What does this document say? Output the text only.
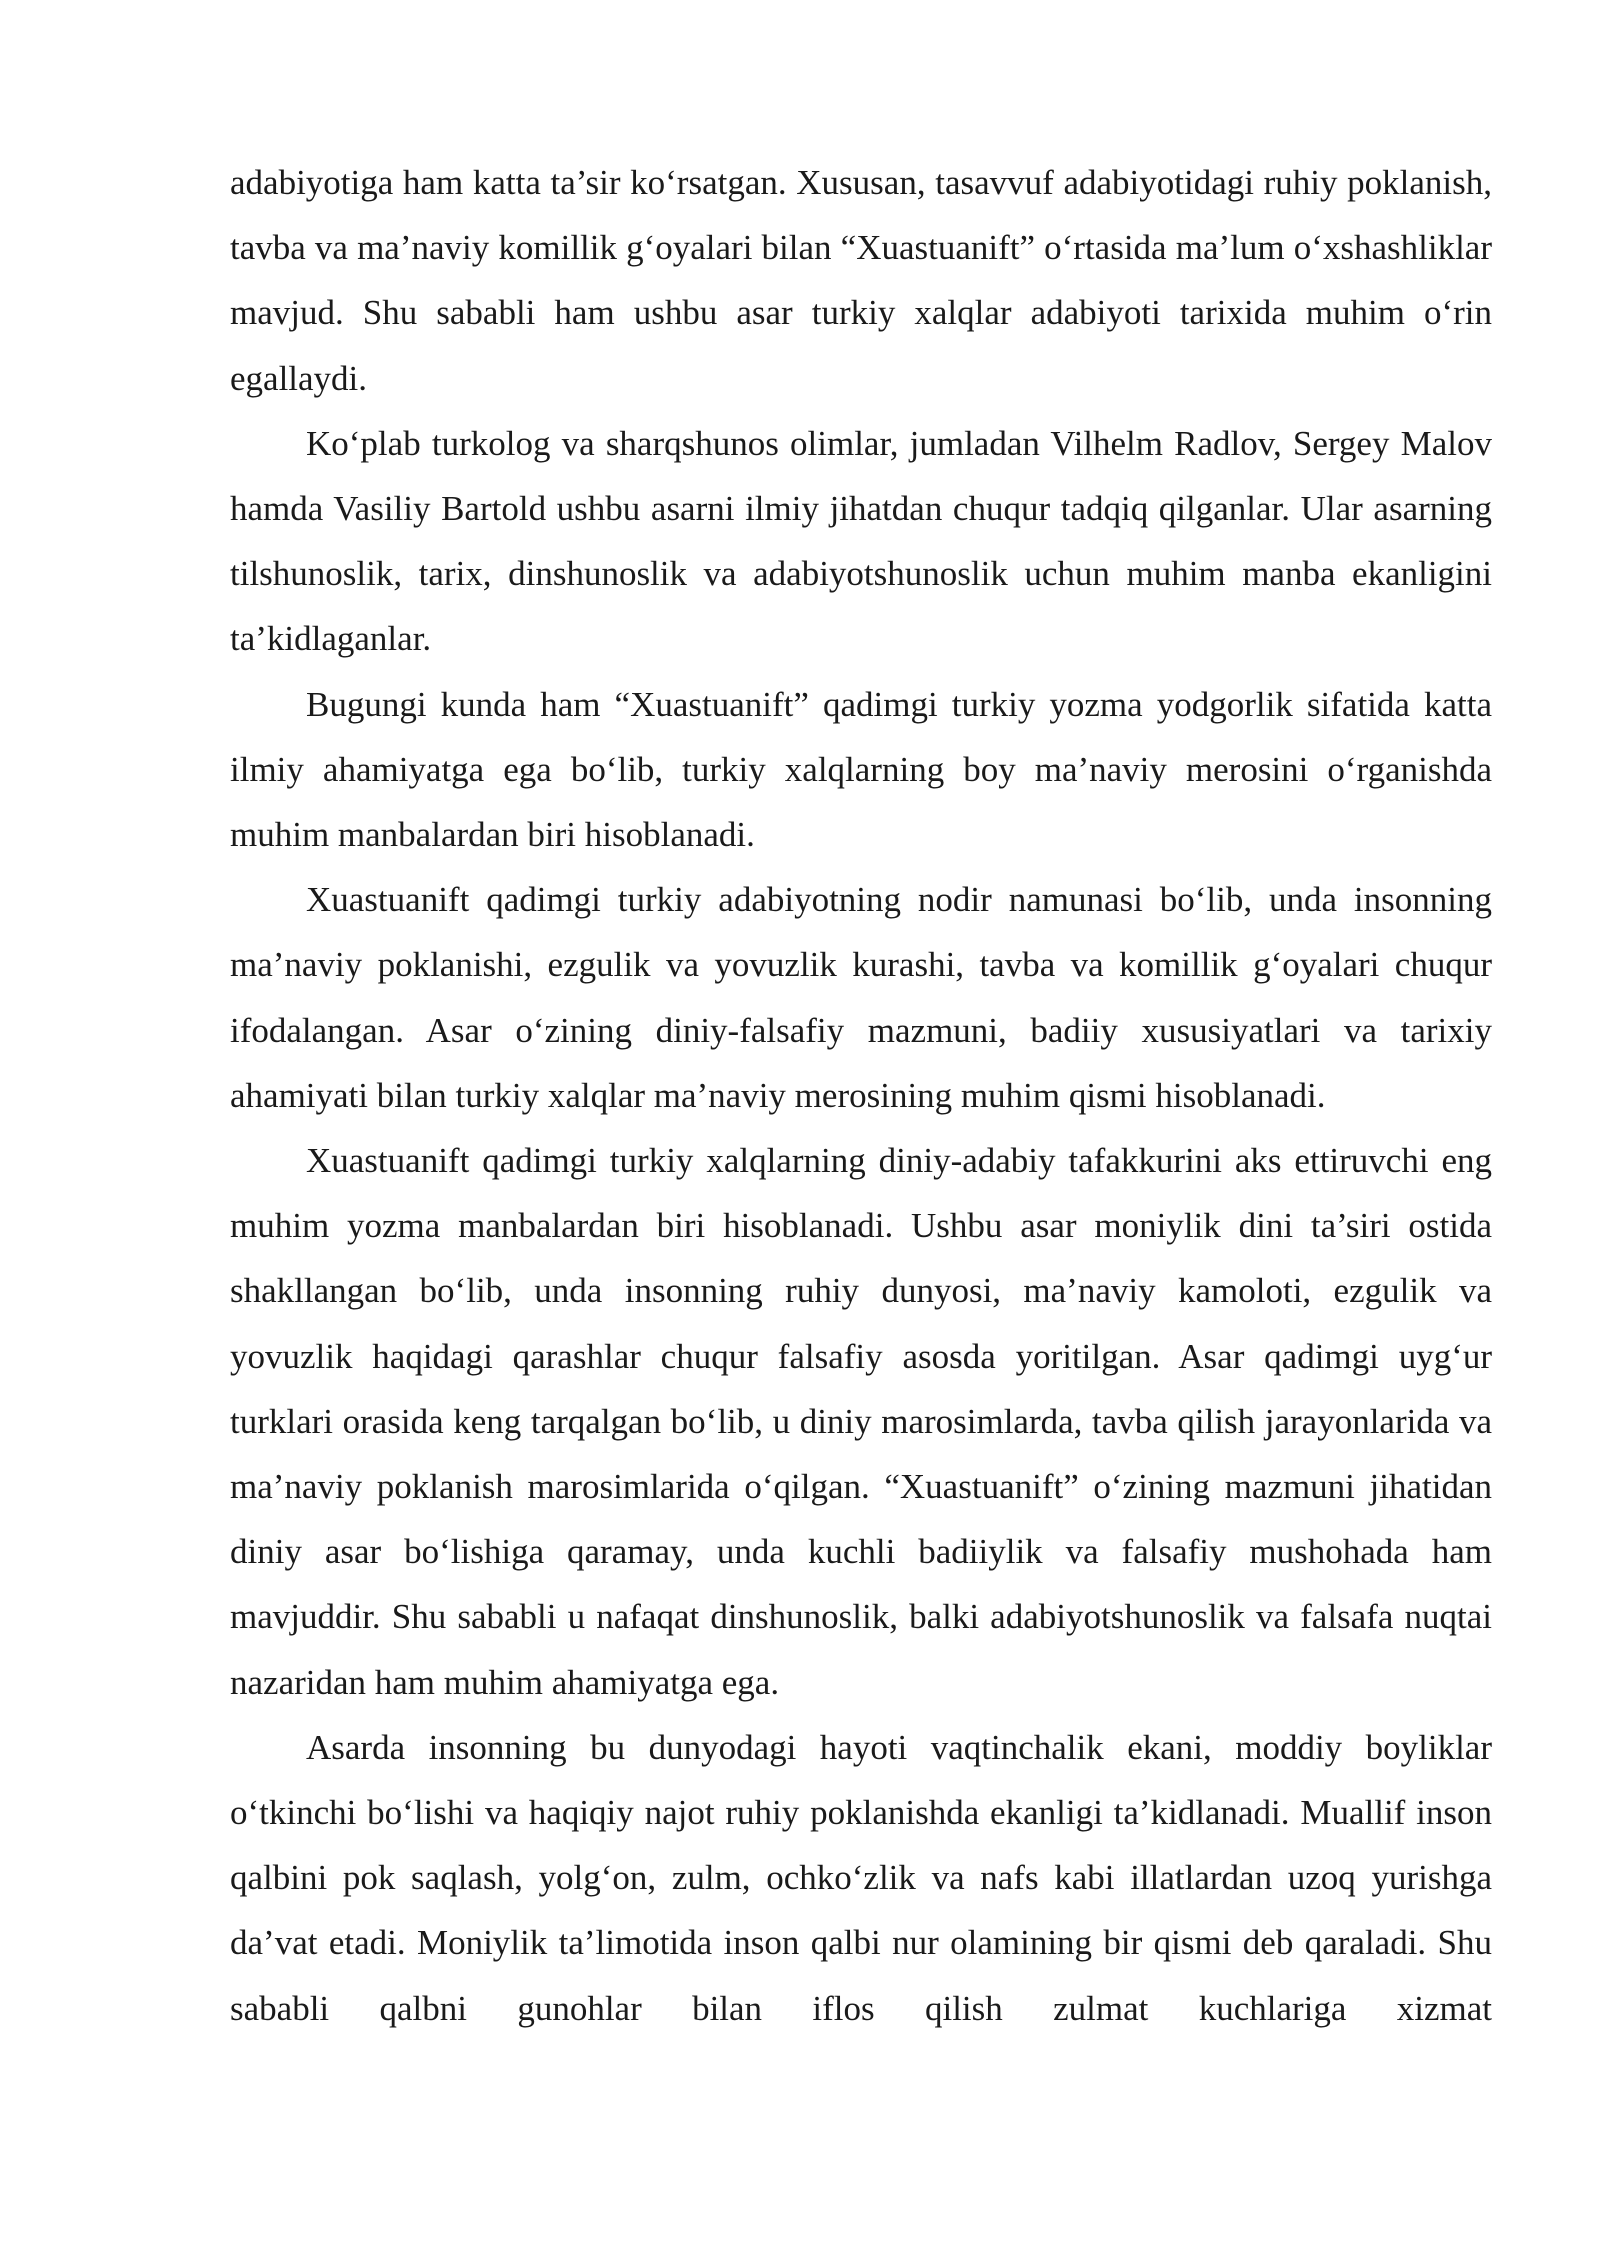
adabiyotiga ham katta ta’sir ko‘rsatgan. Xususan, tasavvuf adabiyotidagi ruhiy poklanish, tavba va ma’naviy komillik g‘oyalari bilan “Xuastuanift” o‘rtasida ma’lum o‘xshashliklar mavjud. Shu sababli ham ushbu asar turkiy xalqlar adabiyoti tarixida muhim o‘rin egallaydi.

Ko‘plab turkolog va sharqshunos olimlar, jumladan Vilhelm Radlov, Sergey Malov hamda Vasiliy Bartold ushbu asarni ilmiy jihatdan chuqur tadqiq qilganlar. Ular asarning tilshunoslik, tarix, dinshunoslik va adabiyotshunoslik uchun muhim manba ekanligini ta’kidlaganlar.

Bugungi kunda ham “Xuastuanift” qadimgi turkiy yozma yodgorlik sifatida katta ilmiy ahamiyatga ega bo‘lib, turkiy xalqlarning boy ma’naviy merosini o‘rganishda muhim manbalardan biri hisoblanadi.

Xuastuanift qadimgi turkiy adabiyotning nodir namunasi bo‘lib, unda insonning ma’naviy poklanishi, ezgulik va yovuzlik kurashi, tavba va komillik g‘oyalari chuqur ifodalangan. Asar o‘zining diniy-falsafiy mazmuni, badiiy xususiyatlari va tarixiy ahamiyati bilan turkiy xalqlar ma’naviy merosining muhim qismi hisoblanadi.

Xuastuanift qadimgi turkiy xalqlarning diniy-adabiy tafakkurini aks ettiruvchi eng muhim yozma manbalardan biri hisoblanadi. Ushbu asar moniylik dini ta’siri ostida shakllangan bo‘lib, unda insonning ruhiy dunyosi, ma’naviy kamoloti, ezgulik va yovuzlik haqidagi qarashlar chuqur falsafiy asosda yoritilgan. Asar qadimgi uyg‘ur turklari orasida keng tarqalgan bo‘lib, u diniy marosimlarda, tavba qilish jarayonlarida va ma’naviy poklanish marosimlarida o‘qilgan. “Xuastuanift” o‘zining mazmuni jihatidan diniy asar bo‘lishiga qaramay, unda kuchli badiiylik va falsafiy mushohada ham mavjuddir. Shu sababli u nafaqat dinshunoslik, balki adabiyotshunoslik va falsafa nuqtai nazaridan ham muhim ahamiyatga ega.

Asarda insonning bu dunyodagi hayoti vaqtinchalik ekani, moddiy boyliklar o‘tkinchi bo‘lishi va haqiqiy najot ruhiy poklanishda ekanligi ta’kidlanadi. Muallif inson qalbini pok saqlash, yolg‘on, zulm, ochko‘zlik va nafs kabi illatlardan uzoq yurishga da’vat etadi. Moniylik ta’limotida inson qalbi nur olamining bir qismi deb qaraladi. Shu sababli qalbni gunohlar bilan iflos qilish zulmat kuchlariga xizmat
